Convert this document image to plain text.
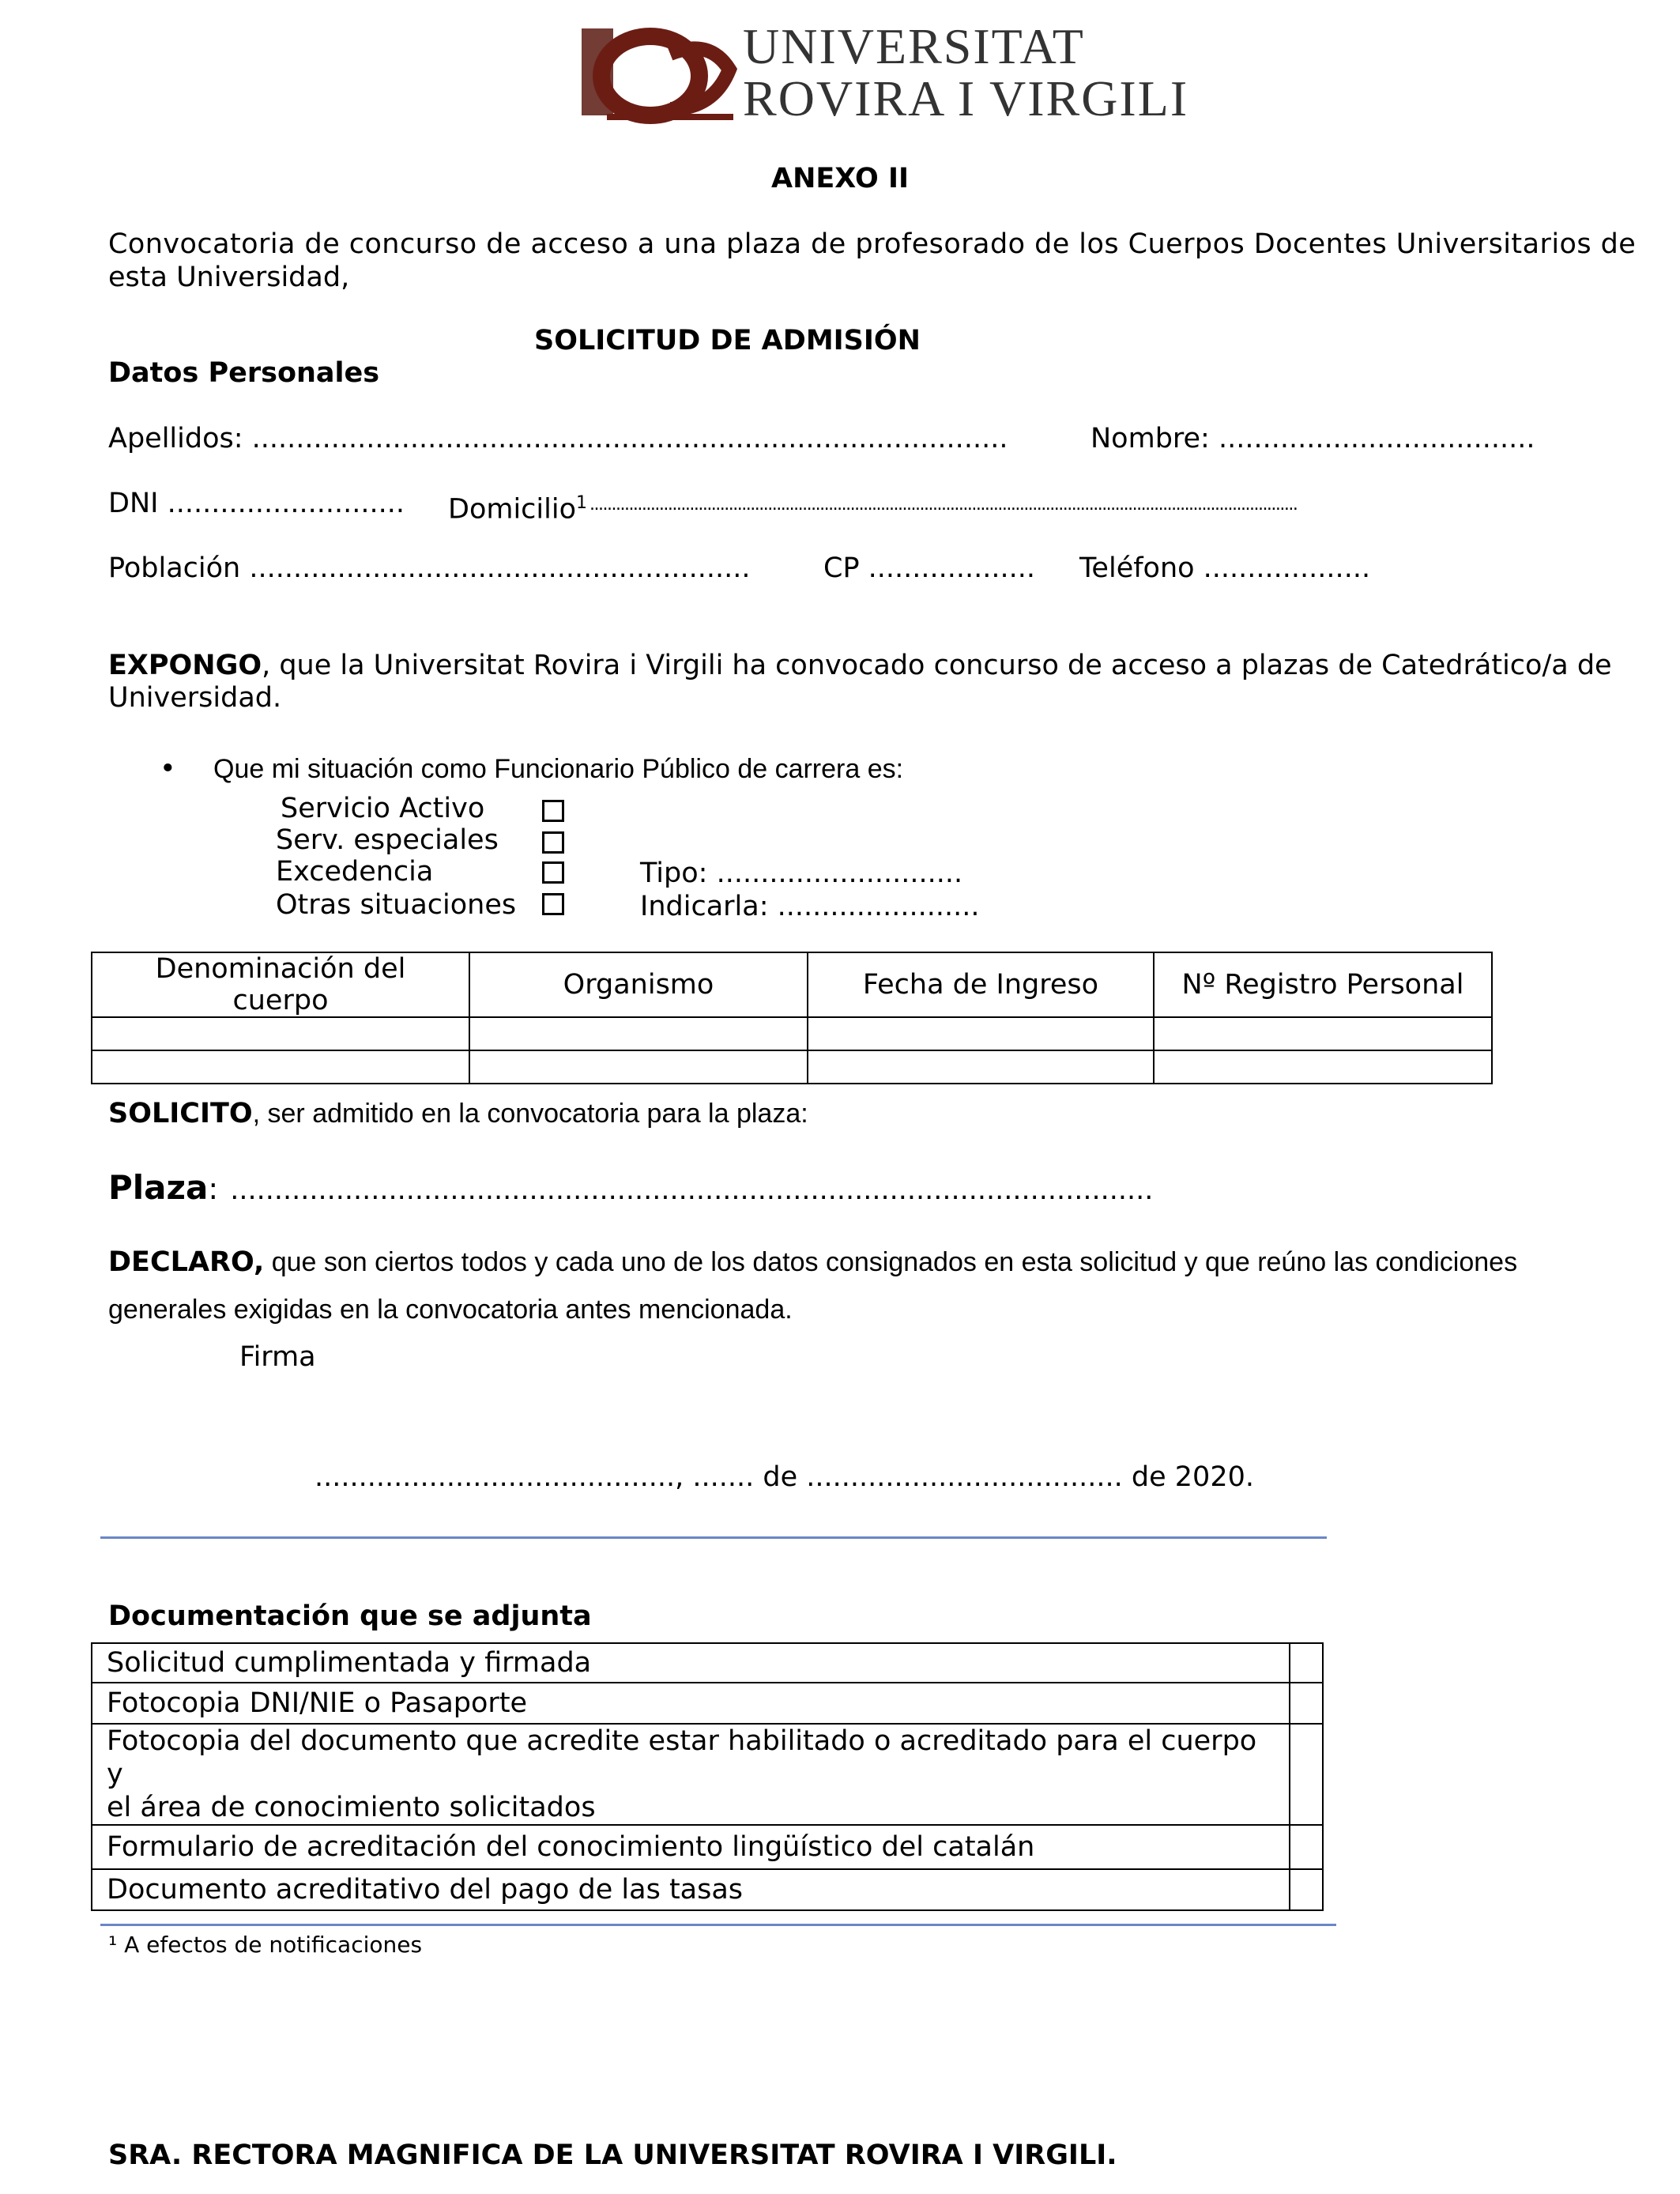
UNIVERSITAT
ROVIRA I VIRGILI
ANEXO II
Convocatoria de concurso de acceso a una plaza de profesorado de los Cuerpos Docentes Universitarios de
esta Universidad,
SOLICITUD DE ADMISIÓN
Datos Personales
Apellidos: ......................................................................................	Nombre: ....................................
DNI ........................... Domicilio$^1$ ...................................................................................................................................................................
Población .........................................................	CP ................... Teléfono ...................
EXPONGO, que la Universitat Rovira i Virgili ha convocado concurso de acceso a plazas de Catedrático/a de
Universidad.
• Que mi situación como Funcionario Público de carrera es:
Servicio Activo
Serv. especiales
Excedencia	Tipo: ............................
Otras situaciones	Indicarla: .......................
Denominación del cuerpo	Organismo	Fecha de Ingreso	Nº Registro Personal

SOLICITO, ser admitido en la convocatoria para la plaza:
Plaza: .........................................................................................................
DECLARO, que son ciertos todos y cada uno de los datos consignados en esta solicitud y que reúno las condiciones
generales exigidas en la convocatoria antes mencionada.
Firma
........................................., ....... de .................................... de 2020.
Documentación que se adjunta
Solicitud cumplimentada y firmada	
Fotocopia DNI/NIE o Pasaporte	

Fotocopia del documento que acredite estar habilitado o acreditado para el cuerpo y
el área de conocimiento solicitados	

Formulario de acreditación del conocimiento lingüístico del catalán	
Documento acreditativo del pago de las tasas	
¹ A efectos de notificaciones
SRA. RECTORA MAGNIFICA DE LA UNIVERSITAT ROVIRA I VIRGILI.
